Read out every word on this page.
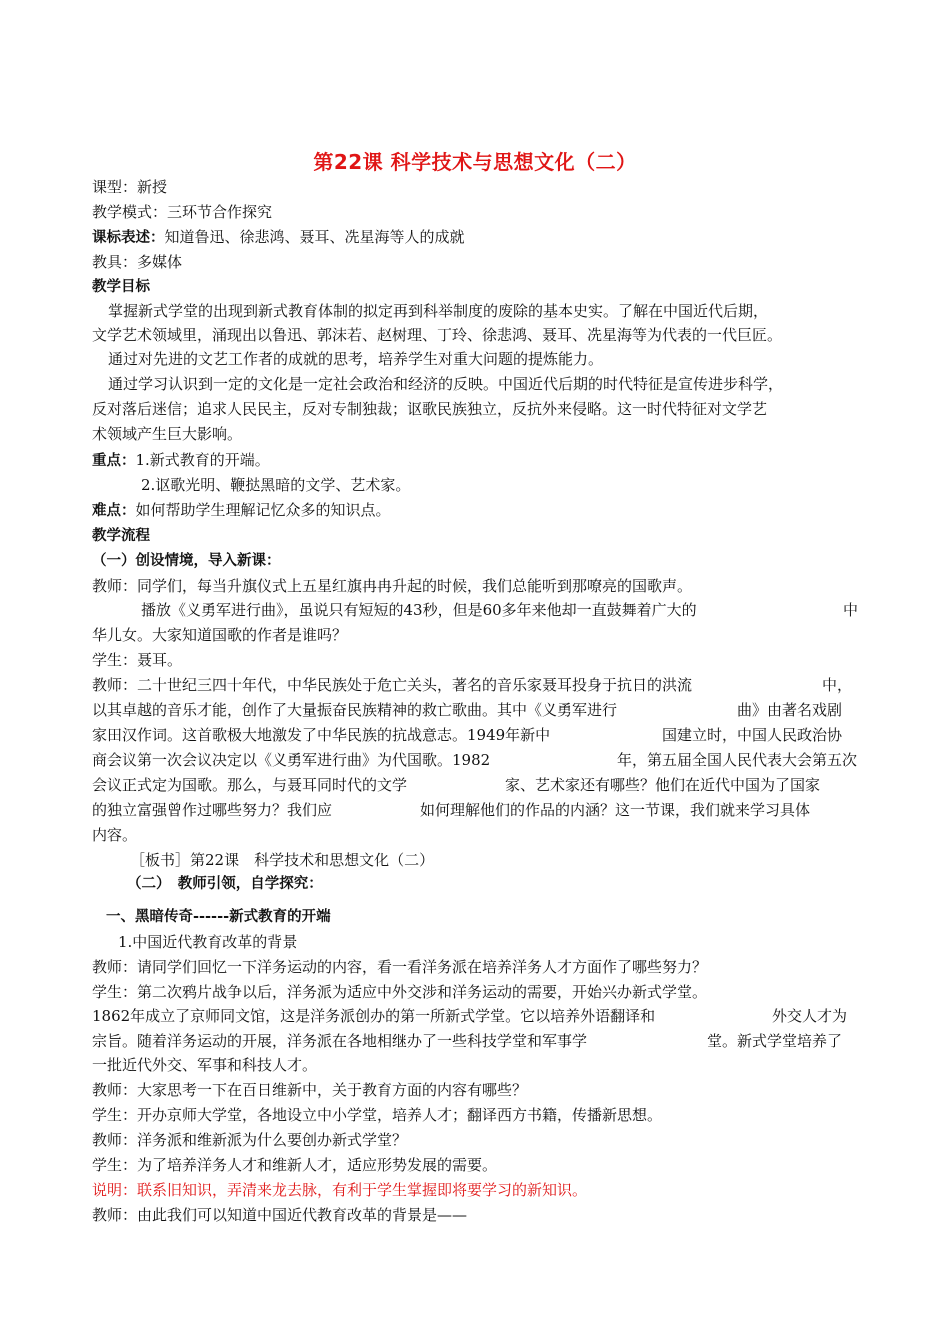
第22课 科学技术与思想文化（二）
课型：新授
教学模式：三环节合作探究
课标表述：知道鲁迅、徐悲鸿、聂耳、冼星海等人的成就
教具：多媒体
教学目标
掌握新式学堂的出现到新式教育体制的拟定再到科举制度的废除的基本史实。了解在中国近代后期，
文学艺术领域里，涌现出以鲁迅、郭沫若、赵树理、丁玲、徐悲鸿、聂耳、冼星海等为代表的一代巨匠。
通过对先进的文艺工作者的成就的思考，培养学生对重大问题的提炼能力。
通过学习认识到一定的文化是一定社会政治和经济的反映。中国近代后期的时代特征是宣传进步科学，
反对落后迷信；追求人民民主，反对专制独裁；讴歌民族独立，反抗外来侵略。这一时代特征对文学艺
术领域产生巨大影响。
重点：1.新式教育的开端。
2.讴歌光明、鞭挞黑暗的文学、艺术家。
难点：如何帮助学生理解记忆众多的知识点。
教学流程
（一）创设情境，导入新课：
教师：同学们，每当升旗仪式上五星红旗冉冉升起的时候，我们总能听到那嘹亮的国歌声。
播放《义勇军进行曲》，虽说只有短短的43秒，但是60多年来他却一直鼓舞着广大的	中
华儿女。大家知道国歌的作者是谁吗？
学生：聂耳。
教师：二十世纪三四十年代，中华民族处于危亡关头，著名的音乐家聂耳投身于抗日的洪流	中，
以其卓越的音乐才能，创作了大量振奋民族精神的救亡歌曲。其中《义勇军进行	曲》由著名戏剧
家田汉作词。这首歌极大地激发了中华民族的抗战意志。1949年新中	国建立时，中国人民政治协
商会议第一次会议决定以《义勇军进行曲》为代国歌。1982	年，第五届全国人民代表大会第五次
会议正式定为国歌。那么，与聂耳同时代的文学	家、艺术家还有哪些？他们在近代中国为了国家
的独立富强曾作过哪些努力？我们应	如何理解他们的作品的内涵？这一节课，我们就来学习具体
内容。
［板书］第22课　科学技术和思想文化（二）
（二）　教师引领，自学探究：
一、黑暗传奇------新式教育的开端
1.中国近代教育改革的背景
教师：请同学们回忆一下洋务运动的内容，看一看洋务派在培养洋务人才方面作了哪些努力？
学生：第二次鸦片战争以后，洋务派为适应中外交涉和洋务运动的需要，开始兴办新式学堂。
1862年成立了京师同文馆，这是洋务派创办的第一所新式学堂。它以培养外语翻译和	外交人才为
宗旨。随着洋务运动的开展，洋务派在各地相继办了一些科技学堂和军事学	堂。新式学堂培养了
一批近代外交、军事和科技人才。
教师：大家思考一下在百日维新中，关于教育方面的内容有哪些？
学生：开办京师大学堂，各地设立中小学堂，培养人才；翻译西方书籍，传播新思想。
教师：洋务派和维新派为什么要创办新式学堂？
学生：为了培养洋务人才和维新人才，适应形势发展的需要。
说明：联系旧知识，弄清来龙去脉，有利于学生掌握即将要学习的新知识。
教师：由此我们可以知道中国近代教育改革的背景是——
